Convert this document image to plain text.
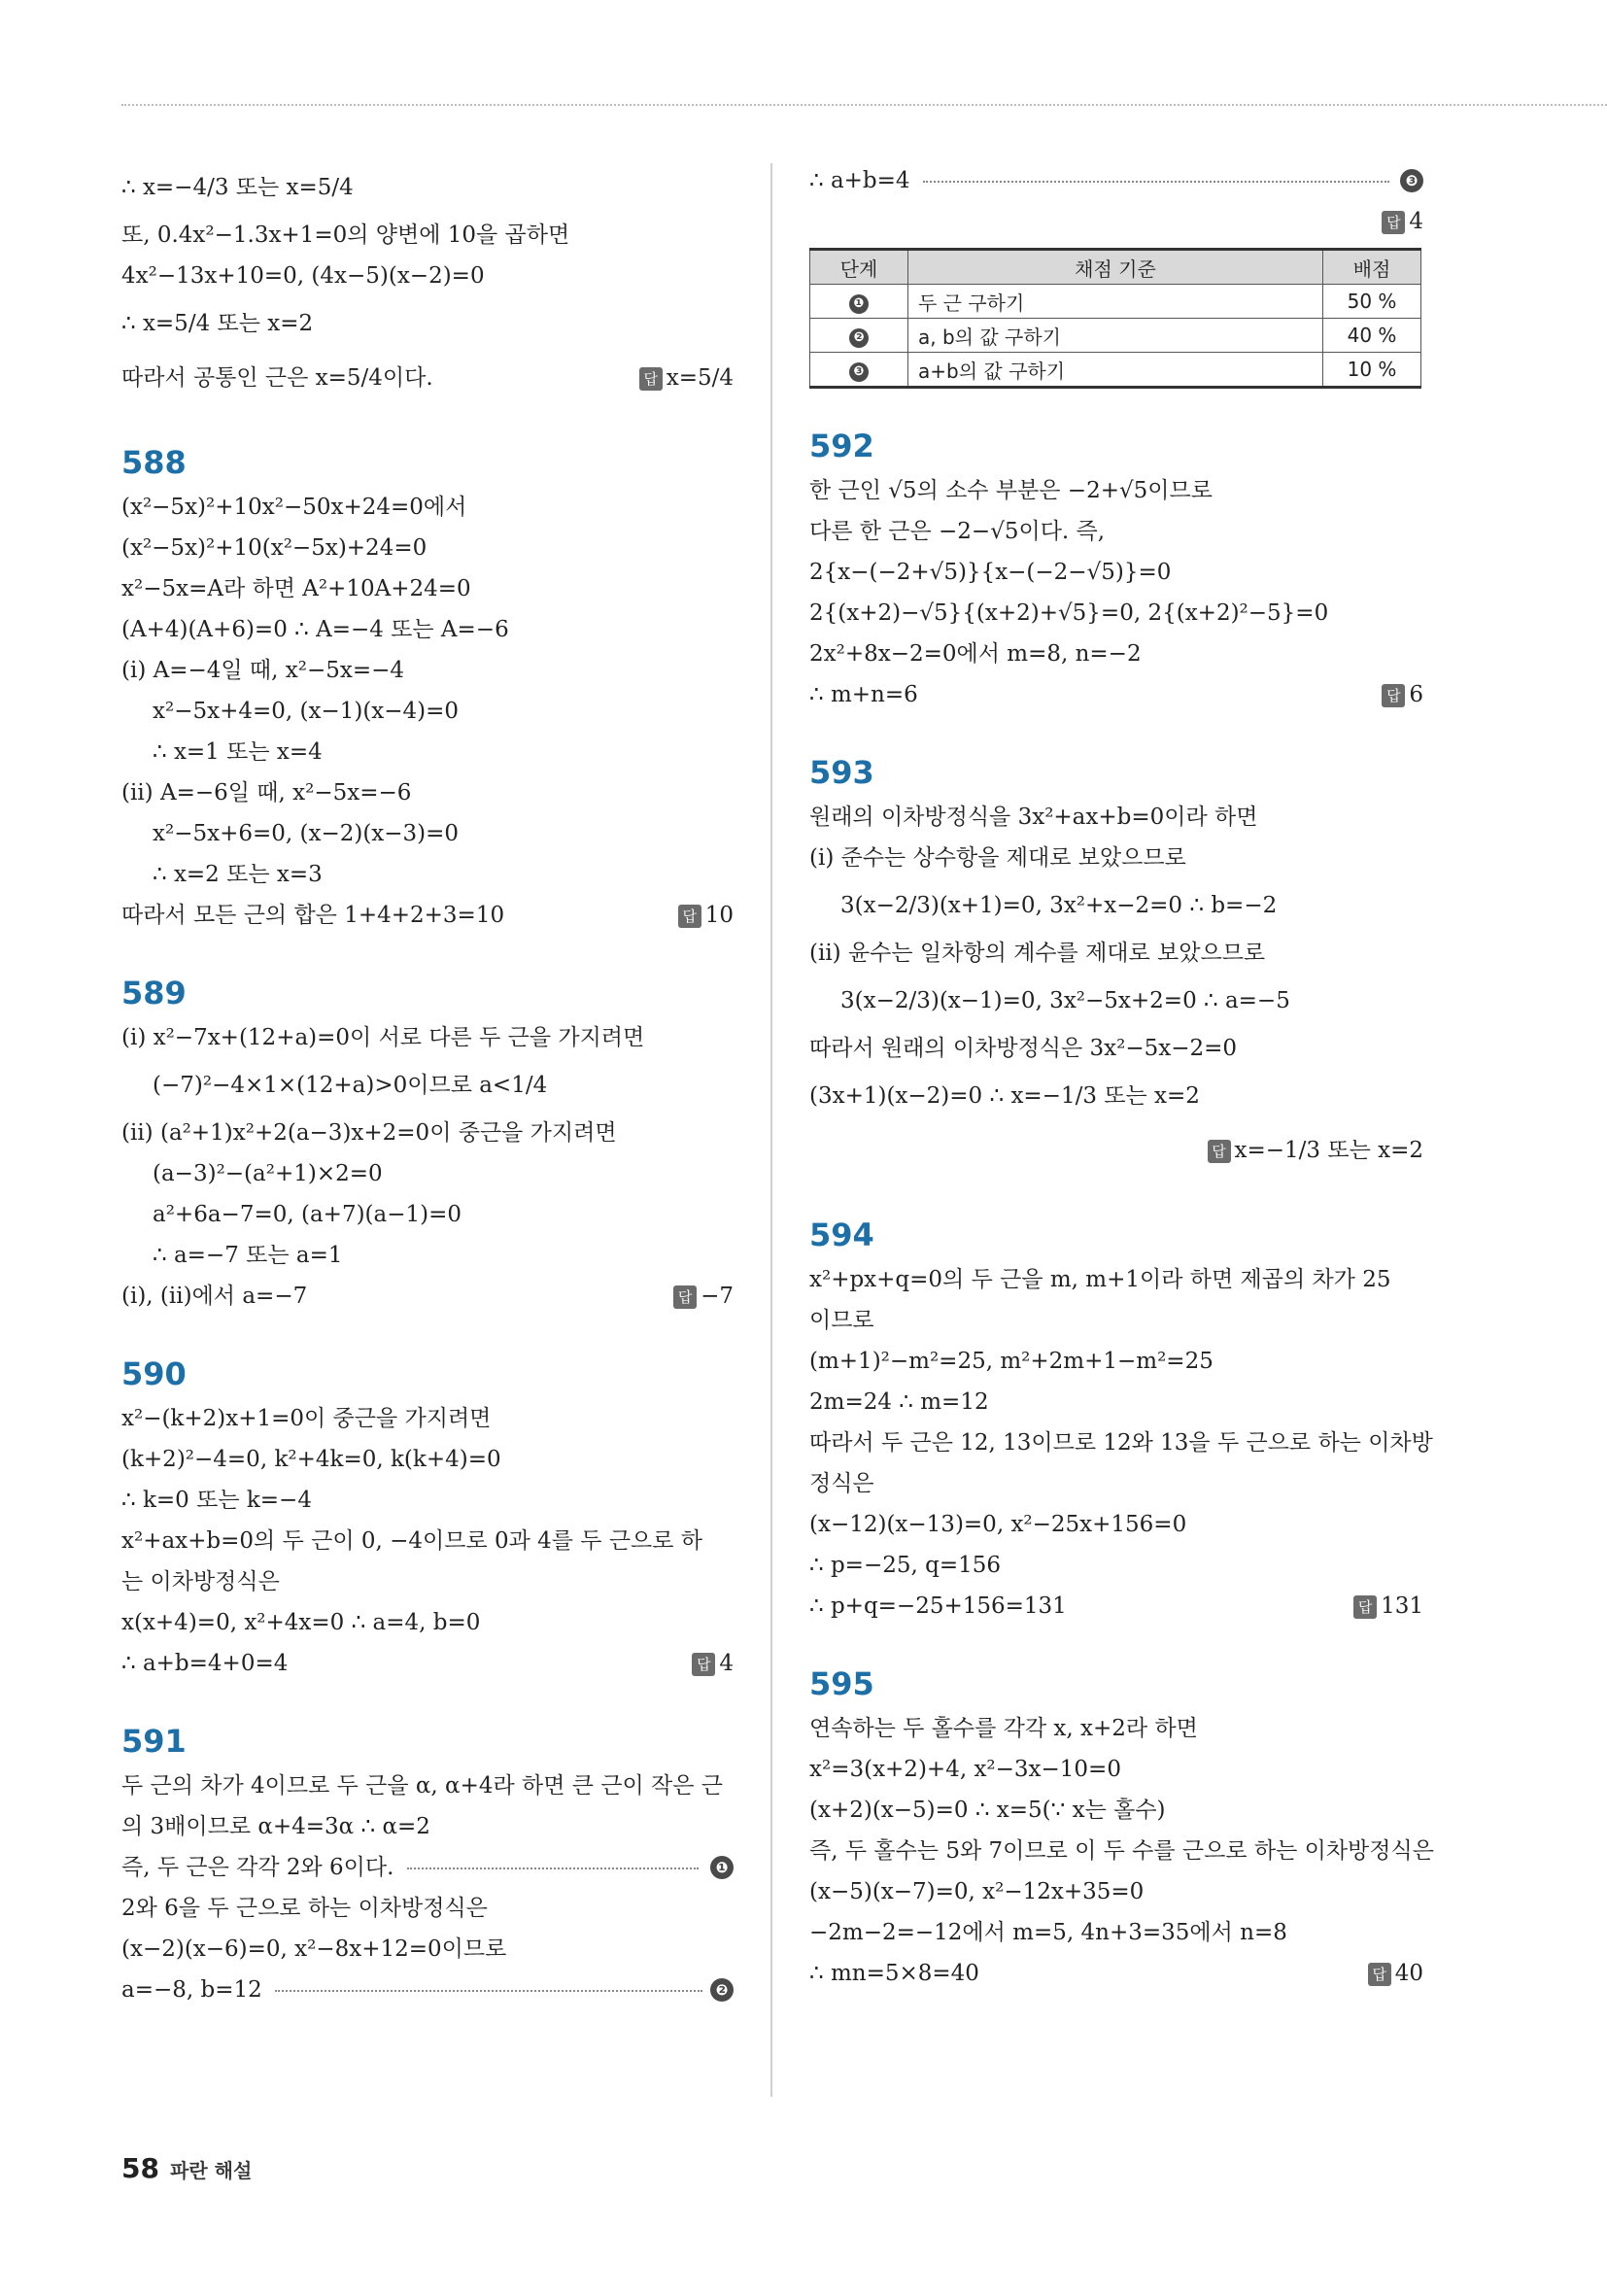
∴ x=−4/3 또는 x=5/4
또, 0.4x²−1.3x+1=0의 양변에 10을 곱하면
4x²−13x+10=0, (4x−5)(x−2)=0
∴ x=5/4 또는 x=2
따라서 공통인 근은 x=5/4이다.	답 x=5/4
588
(x²−5x)²+10x²−50x+24=0에서
(x²−5x)²+10(x²−5x)+24=0
x²−5x=A라 하면 A²+10A+24=0
(A+4)(A+6)=0 ∴ A=−4 또는 A=−6
(i) A=−4일 때, x²−5x=−4
x²−5x+4=0, (x−1)(x−4)=0
∴ x=1 또는 x=4
(ii) A=−6일 때, x²−5x=−6
x²−5x+6=0, (x−2)(x−3)=0
∴ x=2 또는 x=3
따라서 모든 근의 합은 1+4+2+3=10	답 10
589
(i) x²−7x+(12+a)=0이 서로 다른 두 근을 가지려면
(−7)²−4×1×(12+a)>0이므로 a<1/4
(ii) (a²+1)x²+2(a−3)x+2=0이 중근을 가지려면
(a−3)²−(a²+1)×2=0
a²+6a−7=0, (a+7)(a−1)=0
∴ a=−7 또는 a=1
(i), (ii)에서 a=−7	답 −7
590
x²−(k+2)x+1=0이 중근을 가지려면
(k+2)²−4=0, k²+4k=0, k(k+4)=0
∴ k=0 또는 k=−4
x²+ax+b=0의 두 근이 0, −4이므로 0과 4를 두 근으로 하
는 이차방정식은
x(x+4)=0, x²+4x=0 ∴ a=4, b=0
∴ a+b=4+0=4	답 4
591
두 근의 차가 4이므로 두 근을 α, α+4라 하면 큰 근이 작은 근
의 3배이므로 α+4=3α ∴ α=2
즉, 두 근은 각각 2와 6이다.	❶
2와 6을 두 근으로 하는 이차방정식은
(x−2)(x−6)=0, x²−8x+12=0이므로
a=−8, b=12	❷
∴ a+b=4	❸
답 4
단계	채점 기준	배점
❶	두 근 구하기	50 %
❷	a, b의 값 구하기	40 %
❸	a+b의 값 구하기	10 %
592
한 근인 √5의 소수 부분은 −2+√5이므로
다른 한 근은 −2−√5이다. 즉,
2{x−(−2+√5)}{x−(−2−√5)}=0
2{(x+2)−√5}{(x+2)+√5}=0, 2{(x+2)²−5}=0
2x²+8x−2=0에서 m=8, n=−2
∴ m+n=6	답 6
593
원래의 이차방정식을 3x²+ax+b=0이라 하면
(i) 준수는 상수항을 제대로 보았으므로
3(x−2/3)(x+1)=0, 3x²+x−2=0 ∴ b=−2
(ii) 윤수는 일차항의 계수를 제대로 보았으므로
3(x−2/3)(x−1)=0, 3x²−5x+2=0 ∴ a=−5
따라서 원래의 이차방정식은 3x²−5x−2=0
(3x+1)(x−2)=0 ∴ x=−1/3 또는 x=2
답 x=−1/3 또는 x=2
594
x²+px+q=0의 두 근을 m, m+1이라 하면 제곱의 차가 25
이므로
(m+1)²−m²=25, m²+2m+1−m²=25
2m=24 ∴ m=12
따라서 두 근은 12, 13이므로 12와 13을 두 근으로 하는 이차방
정식은
(x−12)(x−13)=0, x²−25x+156=0
∴ p=−25, q=156
∴ p+q=−25+156=131	답 131
595
연속하는 두 홀수를 각각 x, x+2라 하면
x²=3(x+2)+4, x²−3x−10=0
(x+2)(x−5)=0 ∴ x=5(∵ x는 홀수)
즉, 두 홀수는 5와 7이므로 이 두 수를 근으로 하는 이차방정식은
(x−5)(x−7)=0, x²−12x+35=0
−2m−2=−12에서 m=5, 4n+3=35에서 n=8
∴ mn=5×8=40	답 40
58 파란 해설
